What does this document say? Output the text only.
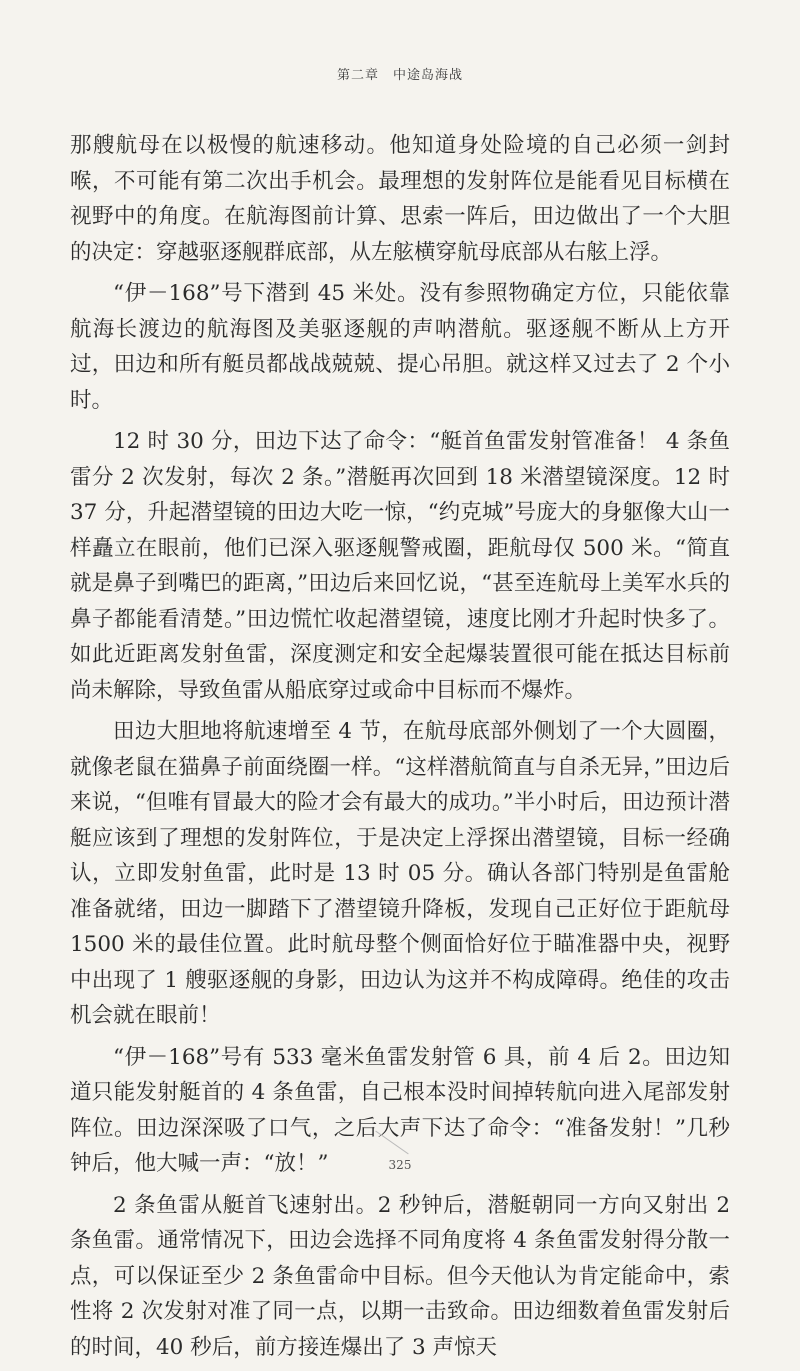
第二章　中途岛海战

那艘航母在以极慢的航速移动。他知道身处险境的自己必须一剑封喉，不可能有第二次出手机会。最理想的发射阵位是能看见目标横在视野中的角度。在航海图前计算、思索一阵后，田边做出了一个大胆的决定：穿越驱逐舰群底部，从左舷横穿航母底部从右舷上浮。

“伊－168”号下潜到 45 米处。没有参照物确定方位，只能依靠航海长渡边的航海图及美驱逐舰的声呐潜航。驱逐舰不断从上方开过，田边和所有艇员都战战兢兢、提心吊胆。就这样又过去了 2 个小时。

12 时 30 分，田边下达了命令：“艇首鱼雷发射管准备！ 4 条鱼雷分 2 次发射，每次 2 条。”潜艇再次回到 18 米潜望镜深度。12 时 37 分，升起潜望镜的田边大吃一惊，“约克城”号庞大的身躯像大山一样矗立在眼前，他们已深入驱逐舰警戒圈，距航母仅 500 米。“简直就是鼻子到嘴巴的距离，”田边后来回忆说，“甚至连航母上美军水兵的鼻子都能看清楚。”田边慌忙收起潜望镜，速度比刚才升起时快多了。如此近距离发射鱼雷，深度测定和安全起爆装置很可能在抵达目标前尚未解除，导致鱼雷从船底穿过或命中目标而不爆炸。

田边大胆地将航速增至 4 节，在航母底部外侧划了一个大圆圈，就像老鼠在猫鼻子前面绕圈一样。“这样潜航简直与自杀无异，”田边后来说，“但唯有冒最大的险才会有最大的成功。”半小时后，田边预计潜艇应该到了理想的发射阵位，于是决定上浮探出潜望镜，目标一经确认，立即发射鱼雷，此时是 13 时 05 分。确认各部门特别是鱼雷舱准备就绪，田边一脚踏下了潜望镜升降板，发现自己正好位于距航母 1500 米的最佳位置。此时航母整个侧面恰好位于瞄准器中央，视野中出现了 1 艘驱逐舰的身影，田边认为这并不构成障碍。绝佳的攻击机会就在眼前！

“伊－168”号有 533 毫米鱼雷发射管 6 具，前 4 后 2。田边知道只能发射艇首的 4 条鱼雷，自己根本没时间掉转航向进入尾部发射阵位。田边深深吸了口气，之后大声下达了命令：“准备发射！”几秒钟后，他大喊一声：“放！”

2 条鱼雷从艇首飞速射出。2 秒钟后，潜艇朝同一方向又射出 2 条鱼雷。通常情况下，田边会选择不同角度将 4 条鱼雷发射得分散一点，可以保证至少 2 条鱼雷命中目标。但今天他认为肯定能命中，索性将 2 次发射对准了同一点，以期一击致命。田边细数着鱼雷发射后的时间，40 秒后，前方接连爆出了 3 声惊天

325
